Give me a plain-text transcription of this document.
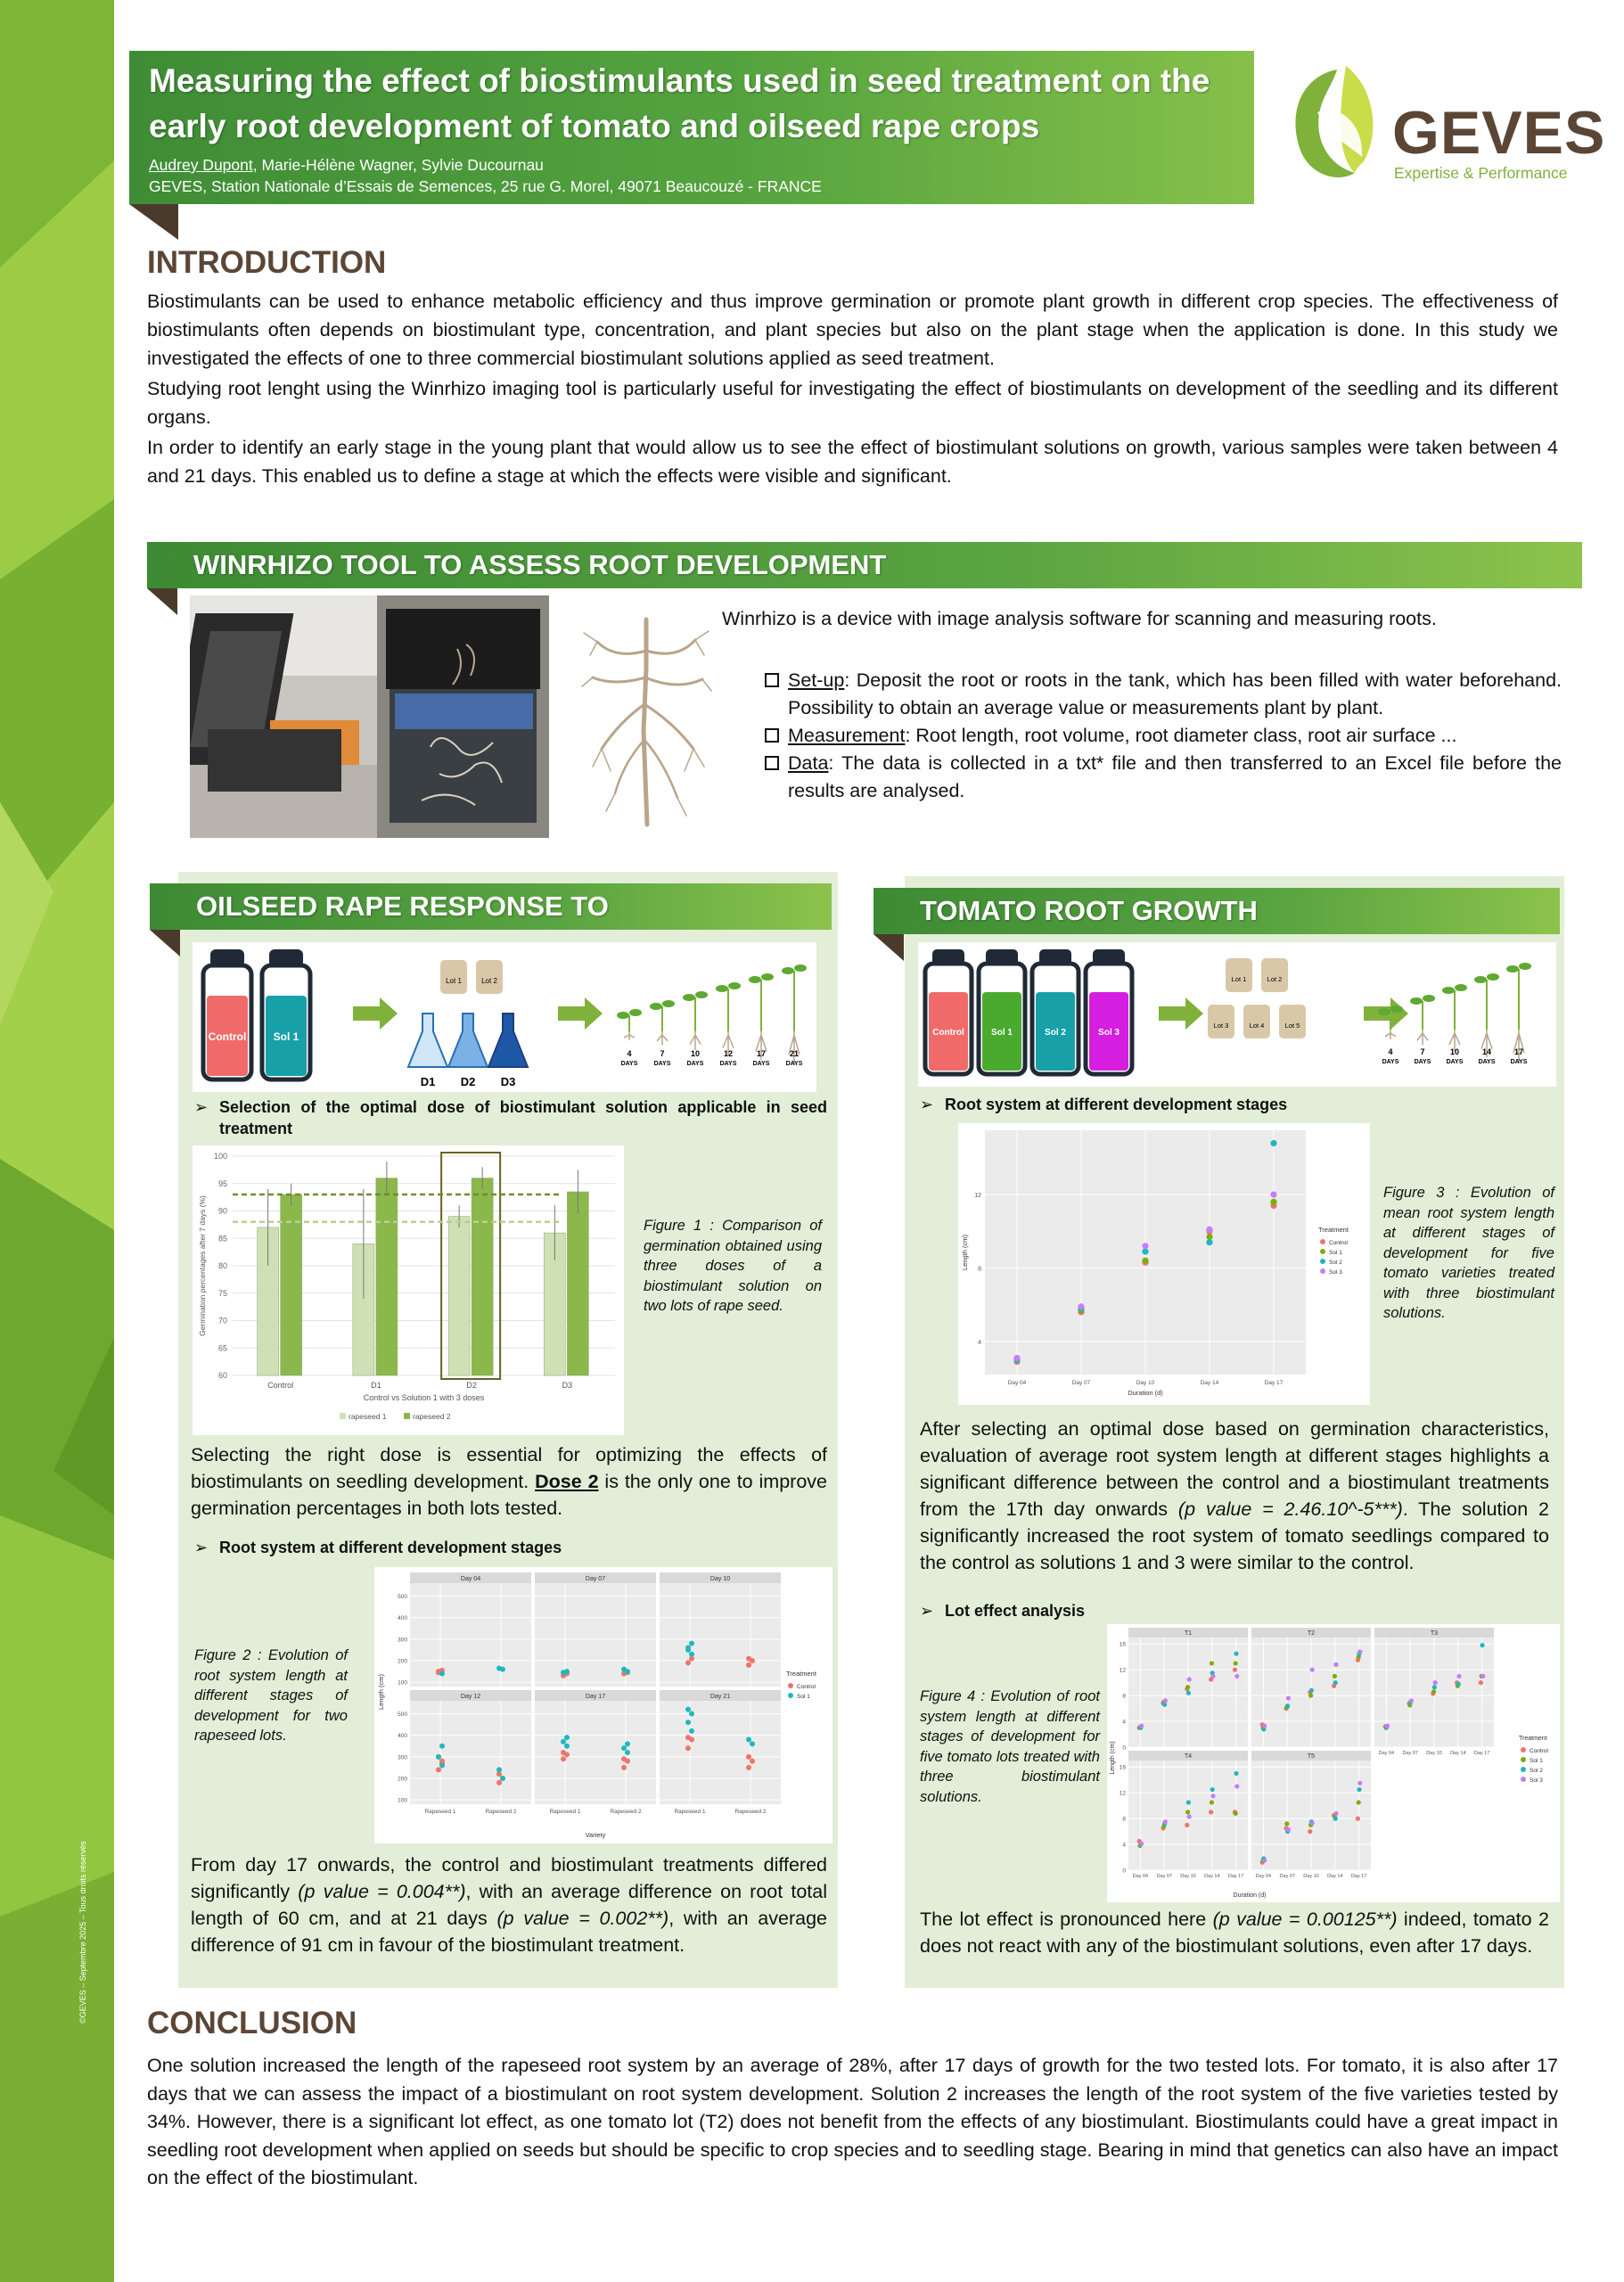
©GEVES – Septembre 2025 – Tous droits réservés
Measuring the effect of biostimulants used in seed treatment on the early root development of tomato and oilseed rape crops
Audrey Dupont, Marie-Hélène Wagner, Sylvie Ducournau
GEVES, Station Nationale d’Essais de Semences, 25 rue G. Morel, 49071 Beaucouzé - FRANCE
GEVES
Expertise & Performance
INTRODUCTION

Biostimulants can be used to enhance metabolic efficiency and thus improve germination or promote plant growth in different crop species. The effectiveness of biostimulants often depends on biostimulant type, concentration, and plant species but also on the plant stage when the application is done. In this study we investigated the effects of one to three commercial biostimulant solutions applied as seed treatment.

Studying root lenght using the Winrhizo imaging tool is particularly useful for investigating the effect of biostimulants on development of the seedling and its different organs.

In order to identify an early stage in the young plant that would allow us to see the effect of biostimulant solutions on growth, various samples were taken between 4 and 21 days. This enabled us to define a stage at which the effects were visible and significant.

WINRHIZO TOOL TO ASSESS ROOT DEVELOPMENT
Winrhizo is a device with image analysis software for scanning and measuring roots.
Set-up: Deposit the root or roots in the tank, which has been filled with water beforehand. Possibility to obtain an average value or measurements plant by plant.
Measurement: Root length, root volume, root diameter class, root air surface ...
Data: The data is collected in a txt* file and then transferred to an Excel file before the results are analysed.
OILSEED RAPE RESPONSE TO
Control	Sol 1
Lot 1	Lot 2
D1 D2 D3
4
DAYS
7
DAYS
10
DAYS
12
DAYS
17
DAYS
21
DAYS
➢ Selection of the optimal dose of biostimulant solution applicable in seed treatment
60
65
70
75
80
85
90
95
100
Control	D1	D2	D3
Control vs Solution 1 with 3 doses
Germination percentages after 7 days (%)
rapeseed 1	rapeseed 2
Figure 1 : Comparison of germination obtained using three doses of a biostimulant solution on two lots of rape seed.
Selecting the right dose is essential for optimizing the effects of biostimulants on seedling development. Dose 2 is the only one to improve germination percentages in both lots tested.
➢ Root system at different development stages
Figure 2 : Evolution of root system length at different stages of development for two rapeseed lots.
Day 04
100
200
300
400
500
Day 07	Day 10
Day 12
100
200
300
400
500
Rapeseed 1	Rapeseed 2
Day 17
Rapeseed 1	Rapeseed 2
Day 21
Rapeseed 1	Rapeseed 2
Variety
Length (cm)
Treatment
Control
Sol 1
From day 17 onwards, the control and biostimulant treatments differed significantly (p value = 0.004**), with an average difference on root total length of 60 cm, and at 21 days (p value = 0.002**), with an average difference of 91 cm in favour of the biostimulant treatment.
TOMATO ROOT GROWTH
Control	Sol 1	Sol 2	Sol 3
Lot 1	Lot 2
Lot 3	Lot 4	Lot 5
4
DAYS
7
DAYS
10
DAYS
14
DAYS
17
DAYS
➢ Root system at different development stages
4
8
12
Day 04	Day 07	Day 10	Day 14	Day 17
Duration (d)
Length (cm)
Treatment
Control
Sol 1
Sol 2
Sol 3
Figure 3 : Evolution of mean root system length at different stages of development for five tomato varieties treated with three biostimulant solutions.
After selecting an optimal dose based on germination characteristics, evaluation of average root system length at different stages highlights a significant difference between the control and a biostimulant treatments from the 17th day onwards (p value = 2.46.10^-5***). The solution 2 significantly increased the root system of tomato seedlings compared to the control as solutions 1 and 3 were similar to the control.
➢ Lot effect analysis
Figure 4 : Evolution of root system length at different stages of development for five tomato lots treated with three biostimulant solutions.
T1
0
4
8
12
16
T2	T3
Day 04 Day 07 Day 10 Day 14 Day 17
T4
0
4
8
12
16
Day 04 Day 07 Day 10 Day 14 Day 17
T5
Day 04 Day 07 Day 10 Day 14 Day 17
Duration (d)
Length (cm)
Treatment
Control
Sol 1
Sol 2
Sol 3
The lot effect is pronounced here (p value = 0.00125**) indeed, tomato 2 does not react with any of the biostimulant solutions, even after 17 days.
CONCLUSION
One solution increased the length of the rapeseed root system by an average of 28%, after 17 days of growth for the two tested lots. For tomato, it is also after 17 days that we can assess the impact of a biostimulant on root system development. Solution 2 increases the length of the root system of the five varieties tested by 34%. However, there is a significant lot effect, as one tomato lot (T2) does not benefit from the effects of any biostimulant. Biostimulants could have a great impact in seedling root development when applied on seeds but should be specific to crop species and to seedling stage. Bearing in mind that genetics can also have an impact on the effect of the biostimulant.
